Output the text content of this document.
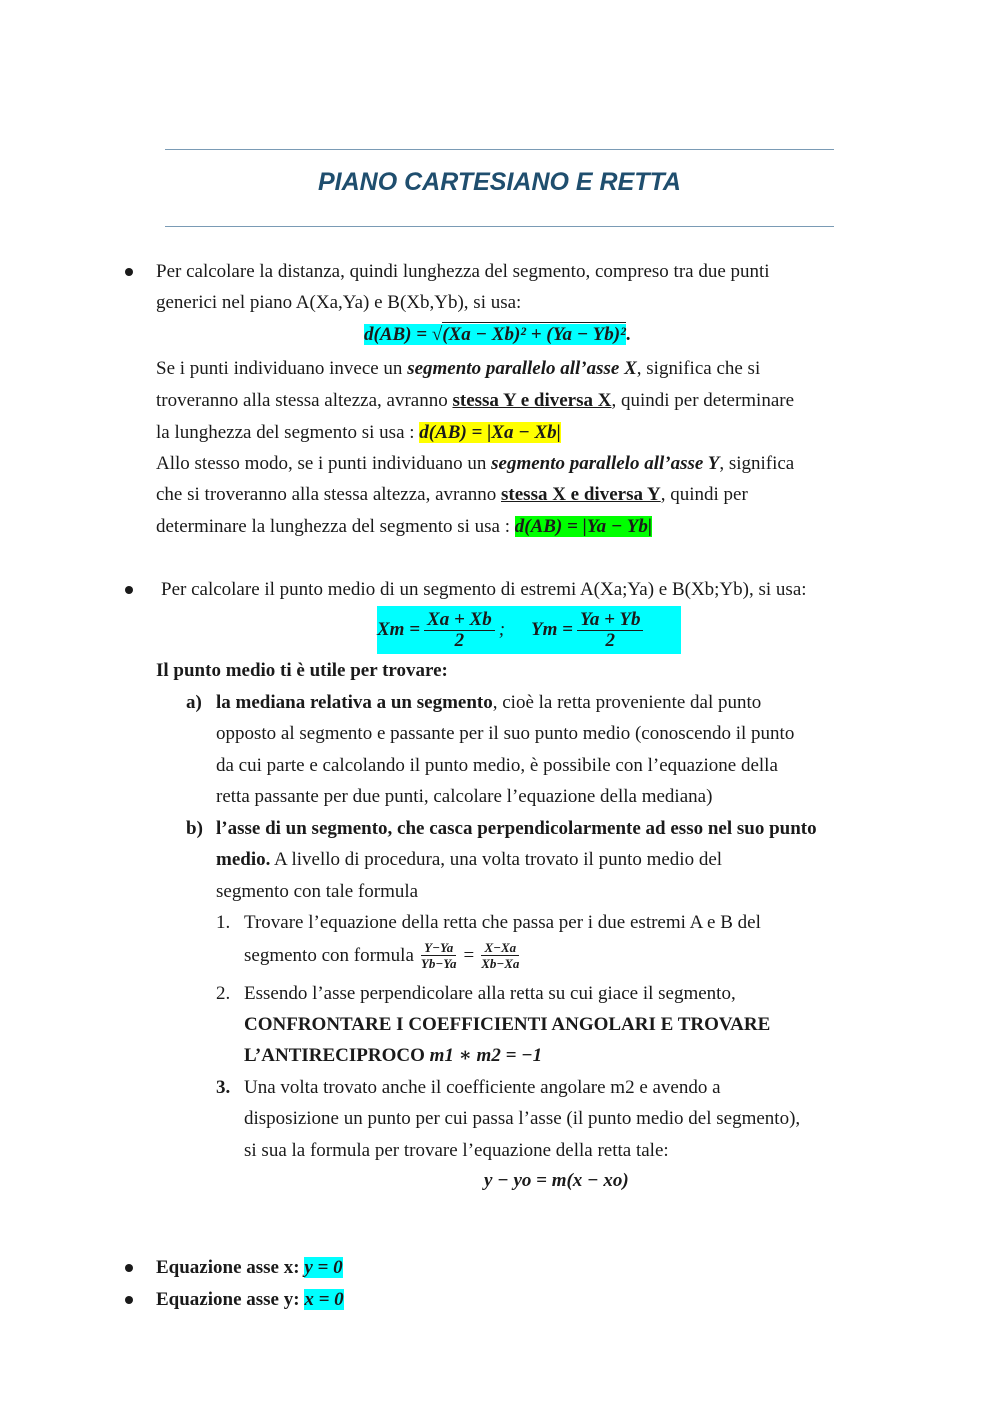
PIANO CARTESIANO E RETTA
Per calcolare la distanza, quindi lunghezza del segmento, compreso tra due punti
generici nel piano A(Xa,Ya) e B(Xb,Yb), si usa:
d(AB) = √(Xa − Xb)² + (Ya − Yb)².
Se i punti individuano invece un segmento parallelo all’asse X, significa che si
troveranno alla stessa altezza, avranno stessa Y e diversa X, quindi per determinare
la lunghezza del segmento si usa : d(AB) = |Xa − Xb|
Allo stesso modo, se i punti individuano un segmento parallelo all’asse Y, significa
che si troveranno alla stessa altezza, avranno stessa X e diversa Y, quindi per
determinare la lunghezza del segmento si usa : d(AB) = |Ya − Yb|
Per calcolare il punto medio di un segmento di estremi A(Xa;Ya) e B(Xb;Yb), si usa:
$Xm = \frac{Xa + Xb}{2}$ ; $Ym = \frac{Ya + Yb}{2}$
Il punto medio ti è utile per trovare:
a) la mediana relativa a un segmento, cioè la retta proveniente dal punto
opposto al segmento e passante per il suo punto medio (conoscendo il punto
da cui parte e calcolando il punto medio, è possibile con l’equazione della
retta passante per due punti, calcolare l’equazione della mediana)
b) l’asse di un segmento, che casca perpendicolarmente ad esso nel suo punto
medio. A livello di procedura, una volta trovato il punto medio del
segmento con tale formula
1. Trovare l’equazione della retta che passa per i due estremi A e B del
segmento con formula $\frac{Y-Ya}{Yb-Ya} = \frac{X-Xa}{Xb-Xa}$
2. Essendo l’asse perpendicolare alla retta su cui giace il segmento,
CONFRONTARE I COEFFICIENTI ANGOLARI E TROVARE
L’ANTIRECIPROCO m1 ∗ m2 = −1
3. Una volta trovato anche il coefficiente angolare m2 e avendo a
disposizione un punto per cui passa l’asse (il punto medio del segmento),
si sua la formula per trovare l’equazione della retta tale:
y − yo = m(x − xo)
Equazione asse x: y = 0
Equazione asse y: x = 0
